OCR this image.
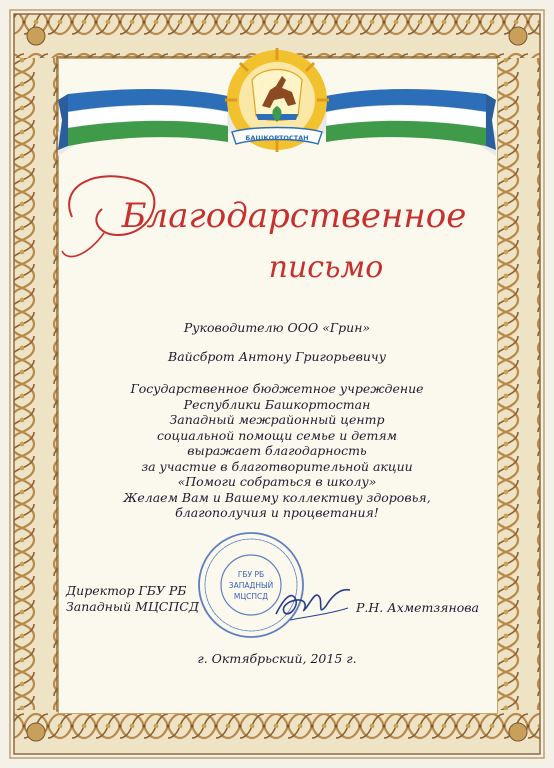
БАШКОРТОСТАН
Благодарственное
письмо
Руководителю ООО «Грин»
Вайсброт Антону Григорьевичу
Государственное бюджетное учреждение
Республики Башкортостан
Западный межрайонный центр
социальной помощи семье и детям
выражает благодарность
за участие в благотворительной акции
«Помоги собраться в школу»
Желаем Вам и Вашему коллективу здоровья,
благополучия и процветания!
ГБУ РБ
ЗАПАДНЫЙ
МЦСПСД
Директор ГБУ РБ
Западный МЦСПСД	Р.Н. Ахметзянова
г. Октябрьский, 2015 г.
